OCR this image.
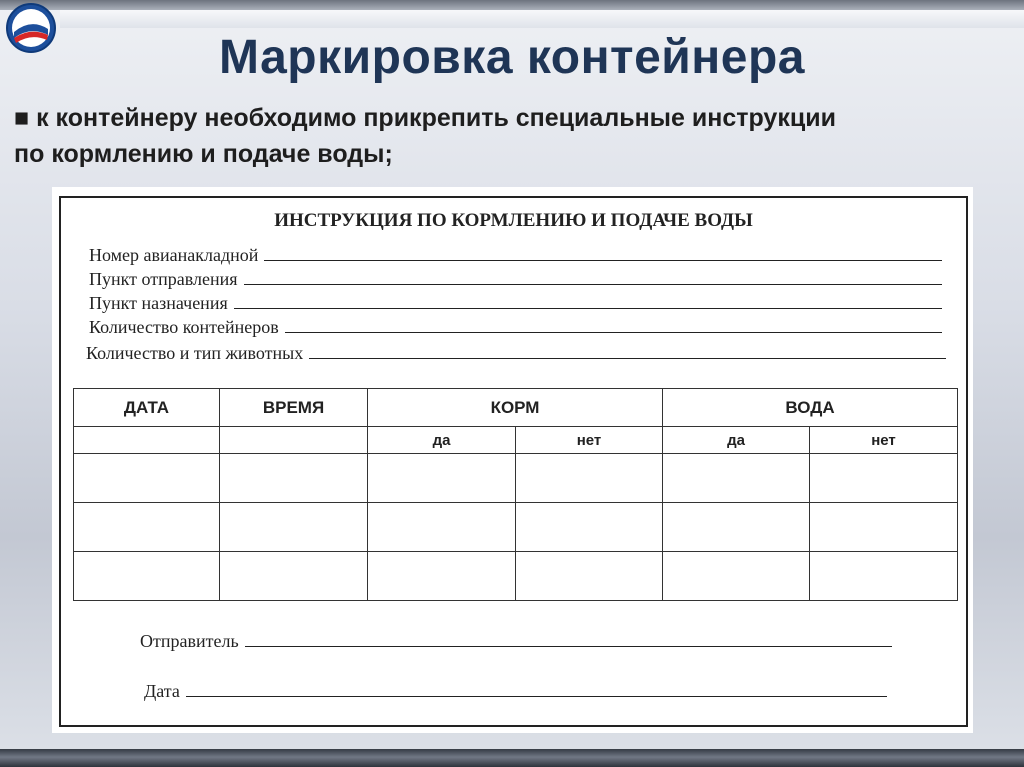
Маркировка контейнера
■ к контейнеру необходимо прикрепить специальные инструкции
по кормлению и подаче воды;
ИНСТРУКЦИЯ ПО КОРМЛЕНИЮ И ПОДАЧЕ ВОДЫ
Номер авианакладной
Пункт отправления
Пункт назначения
Количество контейнеров
Количество и тип животных
ДАТА	ВРЕМЯ	КОРМ		ВОДА	
		да	нет	да	нет

Отправитель
Дата
